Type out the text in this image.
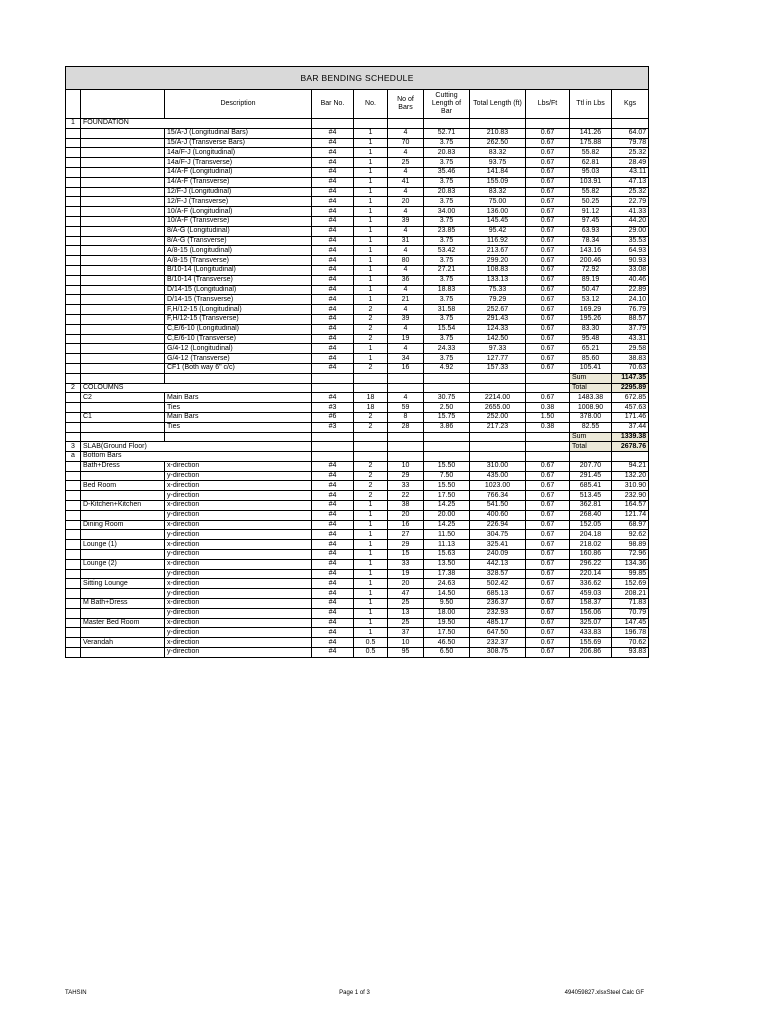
BAR BENDING SCHEDULE										
		Description	Bar No.	No.	No of Bars	Cutting Length of Bar	Total Length (ft)	Lbs/Ft	Ttl in Lbs	Kgs
1	FOUNDATION									
		15/A-J (Longitudinal Bars)	#4	1	4	52.71	210.83	0.67	141.26	64.07
		15/A-J (Transverse Bars)	#4	1	70	3.75	262.50	0.67	175.88	79.78
		14a/F-J (Longitudinal)	#4	1	4	20.83	83.32	0.67	55.82	25.32
		14a/F-J (Transverse)	#4	1	25	3.75	93.75	0.67	62.81	28.49
		14/A-F (Longitudinal)	#4	1	4	35.46	141.84	0.67	95.03	43.11
		14/A-F (Transverse)	#4	1	41	3.75	155.09	0.67	103.91	47.13
		12/F-J (Longitudinal)	#4	1	4	20.83	83.32	0.67	55.82	25.32
		12/F-J (Transverse)	#4	1	20	3.75	75.00	0.67	50.25	22.79
		10/A-F (Longitudinal)	#4	1	4	34.00	136.00	0.67	91.12	41.33
		10/A-F (Transverse)	#4	1	39	3.75	145.45	0.67	97.45	44.20
		8/A-G (Longitudinal)	#4	1	4	23.85	95.42	0.67	63.93	29.00
		8/A-G (Transverse)	#4	1	31	3.75	116.92	0.67	78.34	35.53
		A/8-15 (Longitudinal)	#4	1	4	53.42	213.67	0.67	143.16	64.93
		A/8-15 (Transverse)	#4	1	80	3.75	299.20	0.67	200.46	90.93
		B/10-14 (Longitudinal)	#4	1	4	27.21	108.83	0.67	72.92	33.08
		B/10-14 (Transverse)	#4	1	36	3.75	133.13	0.67	89.19	40.46
		D/14-15 (Longitudinal)	#4	1	4	18.83	75.33	0.67	50.47	22.89
		D/14-15 (Transverse)	#4	1	21	3.75	79.29	0.67	53.12	24.10
		F,H/12-15 (Longitudinal)	#4	2	4	31.58	252.67	0.67	169.29	76.79
		F,H/12-15 (Transverse)	#4	2	39	3.75	291.43	0.67	195.26	88.57
		C,E/6-10 (Longitudinal)	#4	2	4	15.54	124.33	0.67	83.30	37.79
		C,E/6-10 (Transverse)	#4	2	19	3.75	142.50	0.67	95.48	43.31
		G/4-12 (Longitudinal)	#4	1	4	24.33	97.33	0.67	65.21	29.58
		G/4-12 (Transverse)	#4	1	34	3.75	127.77	0.67	85.60	38.83
		CF1 (Both way 6" c/c)	#4	2	16	4.92	157.33	0.67	105.41	70.63
									Sum	1147.35
2	COLOUMNS								Total	2295.89
	C2	Main Bars	#4	18	4	30.75	2214.00	0.67	1483.38	672.85
		Ties	#3	18	59	2.50	2655.00	0.38	1008.90	457.63
	C1	Main Bars	#6	2	8	15.75	252.00	1.50	378.00	171.46
		Ties	#3	2	28	3.86	217.23	0.38	82.55	37.44
									Sum	1339.38
3	SLAB(Ground Floor)								Total	2678.76
a	Bottom Bars									
	Bath+Dress	x-direction	#4	2	10	15.50	310.00	0.67	207.70	94.21
		y-direction	#4	2	29	7.50	435.00	0.67	291.45	132.20
	Bed Room	x-direction	#4	2	33	15.50	1023.00	0.67	685.41	310.90
		y-direction	#4	2	22	17.50	766.34	0.67	513.45	232.90
	D-Kitchen+Kitchen	x-direction	#4	1	38	14.25	541.50	0.67	362.81	164.57
		y-direction	#4	1	20	20.00	400.60	0.67	268.40	121.74
	Dining Room	x-direction	#4	1	16	14.25	226.94	0.67	152.05	68.97
		y-direction	#4	1	27	11.50	304.75	0.67	204.18	92.62
	Lounge (1)	x-direction	#4	1	29	11.13	325.41	0.67	218.02	98.89
		y-direction	#4	1	15	15.63	240.09	0.67	160.86	72.96
	Lounge (2)	x-direction	#4	1	33	13.50	442.13	0.67	296.22	134.36
		y-direction	#4	1	19	17.38	328.57	0.67	220.14	99.85
	Sitting Lounge	x-direction	#4	1	20	24.63	502.42	0.67	336.62	152.69
		y-direction	#4	1	47	14.50	685.13	0.67	459.03	208.21
	M Bath+Dress	x-direction	#4	1	25	9.50	236.37	0.67	158.37	71.83
		y-direction	#4	1	13	18.00	232.93	0.67	156.06	70.79
	Master Bed Room	x-direction	#4	1	25	19.50	485.17	0.67	325.07	147.45
		y-direction	#4	1	37	17.50	647.50	0.67	433.83	196.78
	Verandah	x-direction	#4	0.5	10	46.50	232.37	0.67	155.69	70.62
		y-direction	#4	0.5	95	6.50	308.75	0.67	206.86	93.83
TAHSIN	Page 1 of 3	494059827.xlsxSteel Calc GF
